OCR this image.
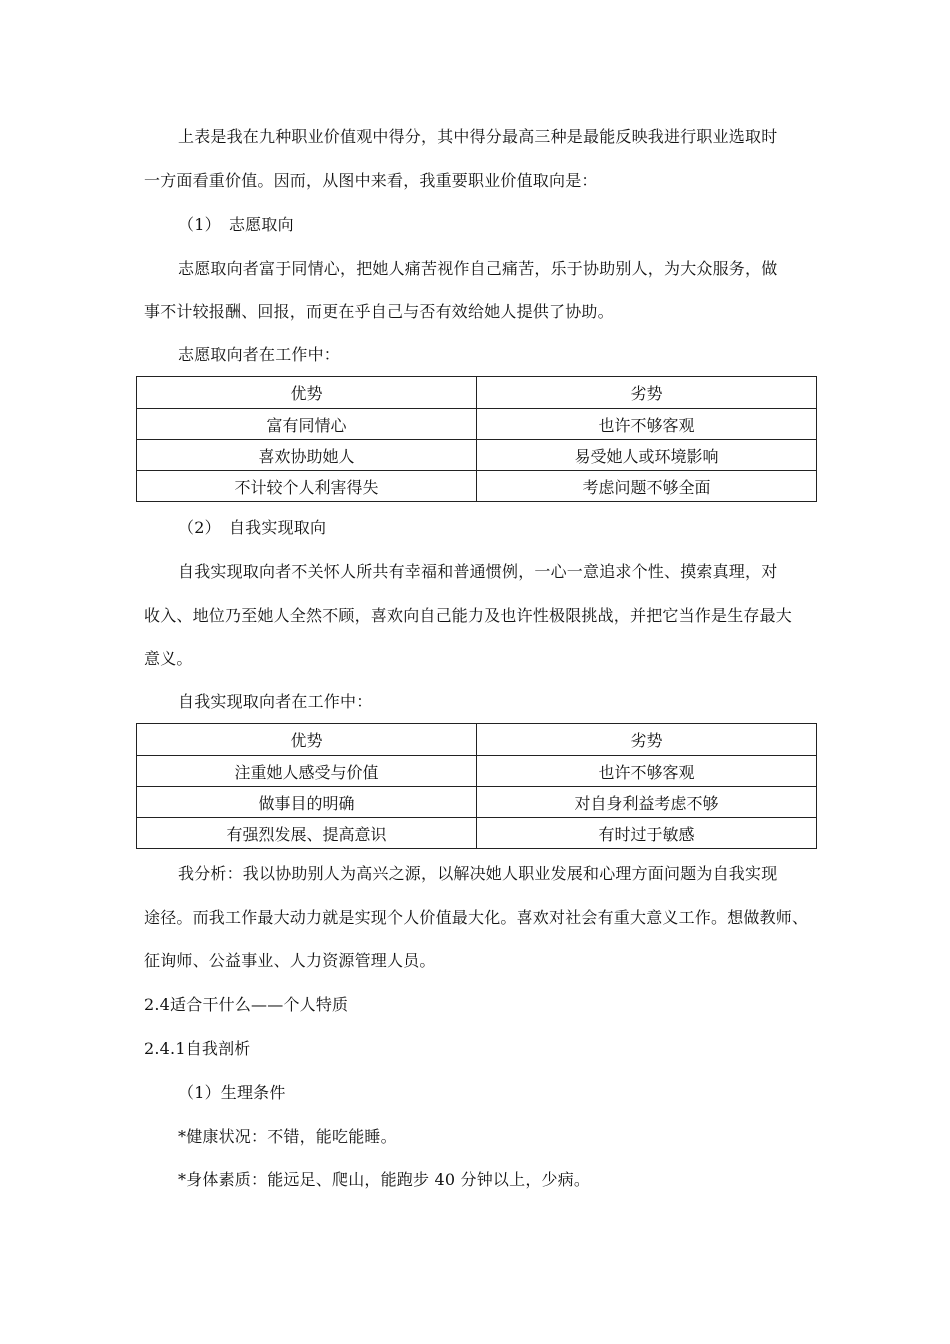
上表是我在九种职业价值观中得分，其中得分最高三种是最能反映我进行职业选取时
一方面看重价值。因而，从图中来看，我重要职业价值取向是：
（1）　志愿取向
志愿取向者富于同情心，把她人痛苦视作自己痛苦，乐于协助别人，为大众服务，做
事不计较报酬、回报，而更在乎自己与否有效给她人提供了协助。
志愿取向者在工作中：
优势	劣势
富有同情心	也许不够客观
喜欢协助她人	易受她人或环境影响
不计较个人利害得失	考虑问题不够全面
（2）　自我实现取向
自我实现取向者不关怀人所共有幸福和普通惯例，一心一意追求个性、摸索真理，对
收入、地位乃至她人全然不顾，喜欢向自己能力及也许性极限挑战，并把它当作是生存最大
意义。
自我实现取向者在工作中：
优势	劣势
注重她人感受与价值	也许不够客观
做事目的明确	对自身利益考虑不够
有强烈发展、提高意识	有时过于敏感
我分析：我以协助别人为高兴之源，以解决她人职业发展和心理方面问题为自我实现
途径。而我工作最大动力就是实现个人价值最大化。喜欢对社会有重大意义工作。想做教师、
征询师、公益事业、人力资源管理人员。
2.4适合干什么——个人特质
2.4.1自我剖析
（1）生理条件
*健康状况：不错，能吃能睡。
*身体素质：能远足、爬山，能跑步 40 分钟以上，少病。
